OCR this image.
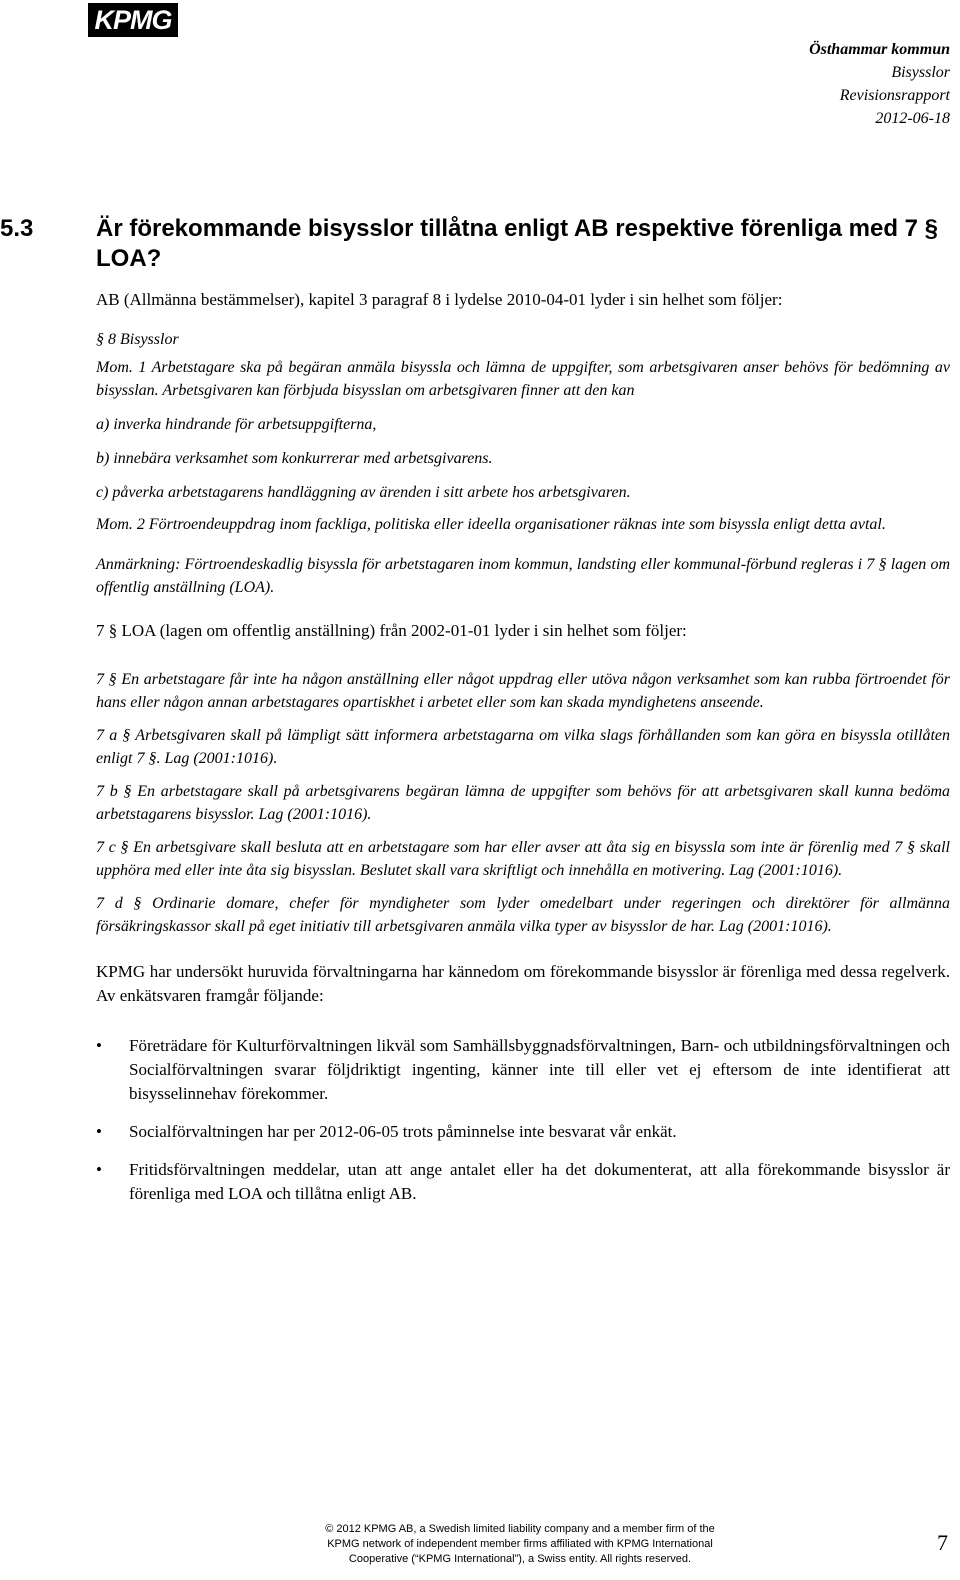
KPMG
Östhammar kommun
Bisysslor
Revisionsrapport
2012-06-18
5.3	Är förekommande bisysslor tillåtna enligt AB respektive förenliga med 7 § LOA?

AB (Allmänna bestämmelser), kapitel 3 paragraf 8 i lydelse 2010-04-01 lyder i sin helhet som följer:

§ 8 Bisysslor

Mom. 1 Arbetstagare ska på begäran anmäla bisyssla och lämna de uppgifter, som arbetsgivaren anser behövs för bedömning av bisysslan. Arbetsgivaren kan förbjuda bisysslan om arbetsgivaren finner att den kan

a) inverka hindrande för arbetsuppgifterna,

b) innebära verksamhet som konkurrerar med arbetsgivarens.

c) påverka arbetstagarens handläggning av ärenden i sitt arbete hos arbetsgivaren.

Mom. 2 Förtroendeuppdrag inom fackliga, politiska eller ideella organisationer räknas inte som bisyssla enligt detta avtal.

Anmärkning: Förtroendeskadlig bisyssla för arbetstagaren inom kommun, landsting eller kommunal-förbund regleras i 7 § lagen om offentlig anställning (LOA).

7 § LOA (lagen om offentlig anställning) från 2002-01-01 lyder i sin helhet som följer:

7 § En arbetstagare får inte ha någon anställning eller något uppdrag eller utöva någon verksamhet som kan rubba förtroendet för hans eller någon annan arbetstagares opartiskhet i arbetet eller som kan skada myndighetens anseende.

7 a § Arbetsgivaren skall på lämpligt sätt informera arbetstagarna om vilka slags förhållanden som kan göra en bisyssla otillåten enligt 7 §. Lag (2001:1016).

7 b § En arbetstagare skall på arbetsgivarens begäran lämna de uppgifter som behövs för att arbetsgivaren skall kunna bedöma arbetstagarens bisysslor. Lag (2001:1016).

7 c § En arbetsgivare skall besluta att en arbetstagare som har eller avser att åta sig en bisyssla som inte är förenlig med 7 § skall upphöra med eller inte åta sig bisysslan. Beslutet skall vara skriftligt och innehålla en motivering. Lag (2001:1016).

7 d § Ordinarie domare, chefer för myndigheter som lyder omedelbart under regeringen och direktörer för allmänna försäkringskassor skall på eget initiativ till arbetsgivaren anmäla vilka typer av bisysslor de har. Lag (2001:1016).

KPMG har undersökt huruvida förvaltningarna har kännedom om förekommande bisysslor är förenliga med dessa regelverk. Av enkätsvaren framgår följande:

• Företrädare för Kulturförvaltningen likväl som Samhällsbyggnadsförvaltningen, Barn- och utbildningsförvaltningen och Socialförvaltningen svarar följdriktigt ingenting, känner inte till eller vet ej eftersom de inte identifierat att bisysselinnehav förekommer.
• Socialförvaltningen har per 2012-06-05 trots påminnelse inte besvarat vår enkät.
• Fritidsförvaltningen meddelar, utan att ange antalet eller ha det dokumenterat, att alla förekommande bisysslor är förenliga med LOA och tillåtna enligt AB.
© 2012 KPMG AB, a Swedish limited liability company and a member firm of the
KPMG network of independent member firms affiliated with KPMG International
Cooperative (“KPMG International”), a Swiss entity. All rights reserved.
7
